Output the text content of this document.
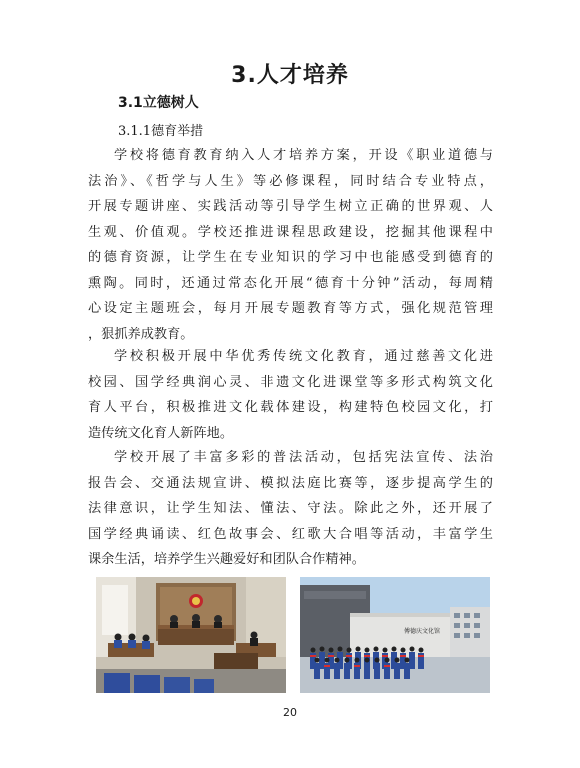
3.人才培养
3.1立德树人
3.1.1德育举措
学校将德育教育纳入人才培养方案，开设《职业道德与
法治》、《哲学与人生》等必修课程，同时结合专业特点，
开展专题讲座、实践活动等引导学生树立正确的世界观、人
生观、价值观。学校还推进课程思政建设，挖掘其他课程中
的德育资源，让学生在专业知识的学习中也能感受到德育的
熏陶。同时，还通过常态化开展“德育十分钟”活动，每周精
心设定主题班会，每月开展专题教育等方式，强化规范管理
，狠抓养成教育。
学校积极开展中华优秀传统文化教育，通过慈善文化进
校园、国学经典润心灵、非遗文化进课堂等多形式构筑文化
育人平台，积极推进文化载体建设，构建特色校园文化，打
造传统文化育人新阵地。
学校开展了丰富多彩的普法活动，包括宪法宣传、法治
报告会、交通法规宣讲、模拟法庭比赛等，逐步提高学生的
法律意识，让学生知法、懂法、守法。除此之外，还开展了
国学经典诵读、红色故事会、红歌大合唱等活动，丰富学生
课余生活，培养学生兴趣爱好和团队合作精神。
傅德庆文化馆
20
